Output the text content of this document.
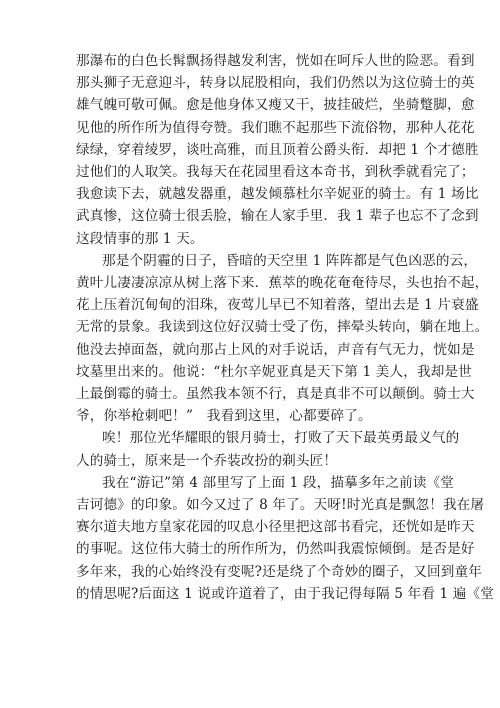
那瀑布的白色长髯飘扬得越发利害，恍如在呵斥人世的险恶。看到
那头狮子无意迎斗，转身以屁股相向，我们仍然以为这位骑士的英
雄气魄可敬可佩。愈是他身体又瘦又干，披挂破烂，坐骑蹩脚，愈
见他的所作所为值得夸赞。我们瞧不起那些下流俗物，那种人花花
绿绿，穿着绫罗，谈吐高雅，而且顶着公爵头衔．却把 1 个才德胜
过他们的人取笑。我每天在花园里看这本奇书，到秋季就看完了；
我愈读下去，就越发器重，越发倾慕杜尔辛妮亚的骑士。有 1 场比
武真惨，这位骑士很丢脸，输在人家手里．我 1 辈子也忘不了念到
这段情事的那 1 天。
那是个阴霾的日子，昏暗的天空里 1 阵阵都是气色凶恶的云，
黄叶儿凄凄凉凉从树上落下来．蕉萃的晚花奄奄待尽，头也抬不起，
花上压着沉甸甸的泪珠，夜莺儿早已不知着落，望出去是 1 片衰盛
无常的景象。我读到这位好汉骑士受了伤，摔晕头转向，躺在地上。
他没去掉面盔，就向那占上风的对手说话，声音有气无力，恍如是
坟墓里出来的。他说：“杜尔辛妮亚真是天下第 1 美人，我却是世
上最倒霉的骑士。虽然我本领不行，真是真非不可以颠倒。骑士大
爷，你举枪刺吧！”　我看到这里，心都要碎了。
唉！那位光华耀眼的银月骑士，打败了天下最英勇最义气的
人的骑士，原来是一个乔装改扮的剃头匠！
我在“游记”第 4 部里写了上面 1 段，描摹多年之前读《堂
吉诃德》的印象。如今又过了 8 年了。天呀!时光真是飘忽！我在屠
赛尔道夫地方皇家花园的叹息小径里把这部书看完，还恍如是昨天
的事呢。这位伟大骑士的所作所为，仍然叫我震惊倾倒。是否是好
多年来，我的心始终没有变呢?还是绕了个奇妙的圈子，又回到童年
的情思呢?后面这 1 说或许道着了，由于我记得每隔 5 年看 1 遍《堂
